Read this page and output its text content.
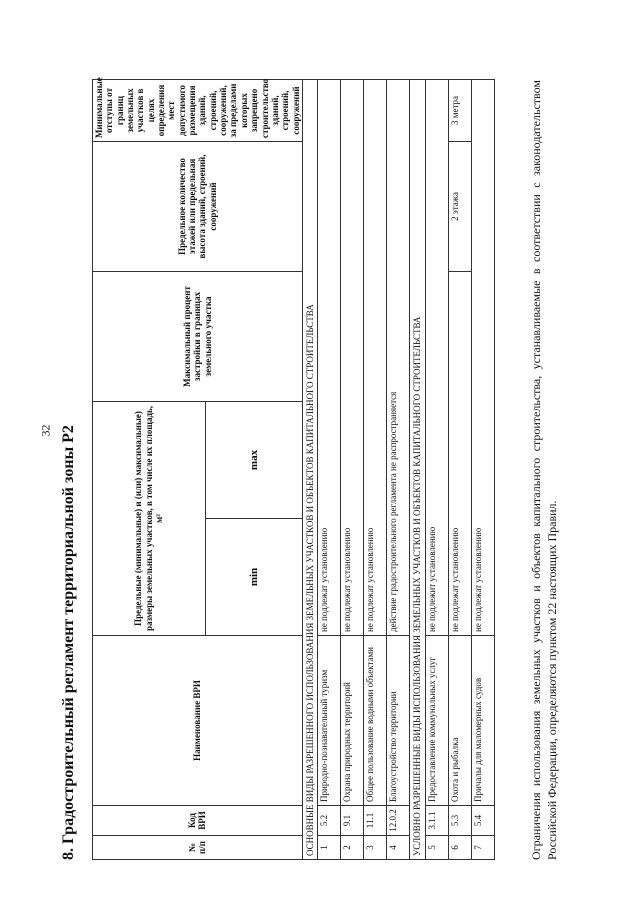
32 8. Градостроительный регламент территориальной зоны Р2	№ п/п	Код ВРИ	Наименование ВРИ	Предельные (минимальные) и (или) максимальные) размеры земельных участков, в том числе их площадь, м²		Максимальный процент застройки в границах земельного участка	Предельное количество этажей или предельная высота зданий, строений, сооружений	Минимальные отступы от границ земельных участков в целях определения мест допустимого размещения зданий, строений, сооружений, за пределами которых запрещено строительство зданий, строений, сооружений
			min	max			
ОСНОВНЫЕ ВИДЫ РАЗРЕШЕННОГО ИСПОЛЬЗОВАНИЯ ЗЕМЕЛЬНЫХ УЧАСТКОВ И ОБЪЕКТОВ КАПИТАЛЬНОГО СТРОИТЕЛЬСТВА							
1	5.2	Природно-познавательный туризм	не подлежат установлению				
2	9.1	Охрана природных территорий	не подлежат установлению				
3	11.1	Общее пользование водными объектами	не подлежат установлению				
4	12.0.2	Благоустройство территории	действие градостроительного регламента не распространяется				
УСЛОВНО РАЗРЕШЕННЫЕ ВИДЫ ИСПОЛЬЗОВАНИЯ ЗЕМЕЛЬНЫХ УЧАСТКОВ И ОБЪЕКТОВ КАПИТАЛЬНОГО СТРОИТЕЛЬСТВА							
5	3.1.1	Предоставление коммунальных услуг	не подлежит установлению				
6	5.3	Охота и рыбалка	не подлежат установлению			2 этажа	3 метра
7	5.4	Причалы для маломерных судов	не подлежат установлению					Ограничения использования земельных участков и объектов капитального строительства, устанавливаемые в соответствии с законодательством Российской Федерации, определяются пунктом 22 настоящих Правил.
